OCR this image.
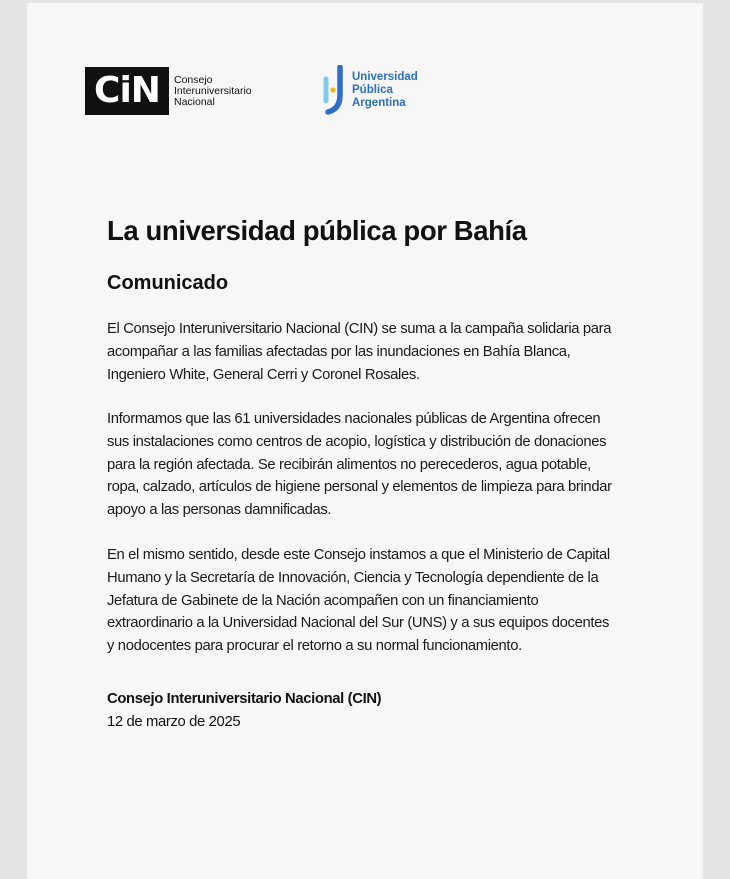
CiN	Consejo
Interuniversitario
Nacional
Universidad
Pública
Argentina
La universidad pública por Bahía
Comunicado

El Consejo Interuniversitario Nacional (CIN) se suma a la campaña solidaria para
acompañar a las familias afectadas por las inundaciones en Bahía Blanca,
Ingeniero White, General Cerri y Coronel Rosales.

Informamos que las 61 universidades nacionales públicas de Argentina ofrecen
sus instalaciones como centros de acopio, logística y distribución de donaciones
para la región afectada. Se recibirán alimentos no perecederos, agua potable,
ropa, calzado, artículos de higiene personal y elementos de limpieza para brindar
apoyo a las personas damnificadas.

En el mismo sentido, desde este Consejo instamos a que el Ministerio de Capital
Humano y la Secretaría de Innovación, Ciencia y Tecnología dependiente de la
Jefatura de Gabinete de la Nación acompañen con un financiamiento
extraordinario a la Universidad Nacional del Sur (UNS) y a sus equipos docentes
y nodocentes para procurar el retorno a su normal funcionamiento.

Consejo Interuniversitario Nacional (CIN)
12 de marzo de 2025
